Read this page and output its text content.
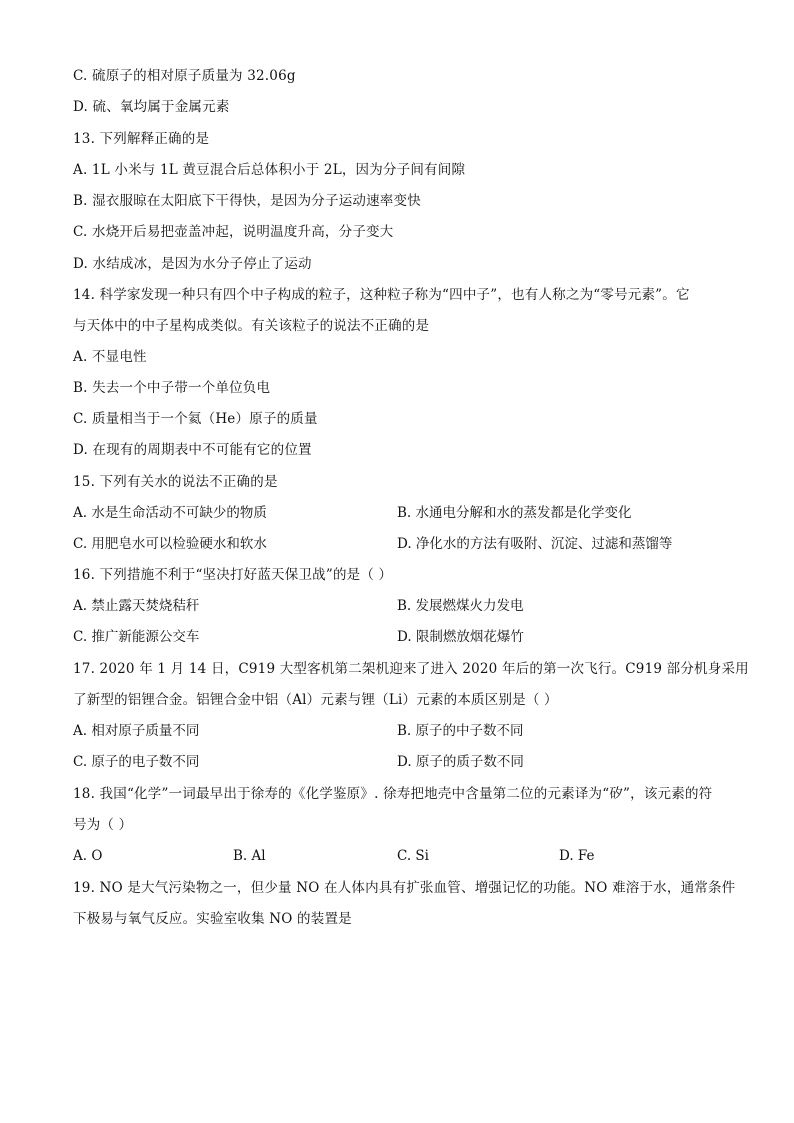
C. 硫原子的相对原子质量为 32.06g
D. 硫、氧均属于金属元素
13. 下列解释正确的是
A. 1L 小米与 1L 黄豆混合后总体积小于 2L，因为分子间有间隙
B. 湿衣服晾在太阳底下干得快，是因为分子运动速率变快
C. 水烧开后易把壶盖冲起，说明温度升高，分子变大
D. 水结成冰，是因为水分子停止了运动
14. 科学家发现一种只有四个中子构成的粒子，这种粒子称为“四中子”，也有人称之为“零号元素”。它
与天体中的中子星构成类似。有关该粒子的说法不正确的是
A. 不显电性
B. 失去一个中子带一个单位负电
C. 质量相当于一个氦（He）原子的质量
D. 在现有的周期表中不可能有它的位置
15. 下列有关水的说法不正确的是
A. 水是生命活动不可缺少的物质	B. 水通电分解和水的蒸发都是化学变化
C. 用肥皂水可以检验硬水和软水	D. 净化水的方法有吸附、沉淀、过滤和蒸馏等
16. 下列措施不利于“坚决打好蓝天保卫战”的是（ ）
A. 禁止露天焚烧秸秆	B. 发展燃煤火力发电
C. 推广新能源公交车	D. 限制燃放烟花爆竹
17. 2020 年 1 月 14 日，C919 大型客机第二架机迎来了进入 2020 年后的第一次飞行。C919 部分机身采用
了新型的铝锂合金。铝锂合金中铝（Al）元素与锂（Li）元素的本质区别是（ ）
A. 相对原子质量不同	B. 原子的中子数不同
C. 原子的电子数不同	D. 原子的质子数不同
18. 我国“化学”一词最早出于徐寿的《化学鉴原》. 徐寿把地壳中含量第二位的元素译为“矽”，该元素的符
号为（ ）
A. O	B. Al	C. Si	D. Fe
19. NO 是大气污染物之一，但少量 NO 在人体内具有扩张血管、增强记忆的功能。NO 难溶于水，通常条件
下极易与氧气反应。实验室收集 NO 的装置是
